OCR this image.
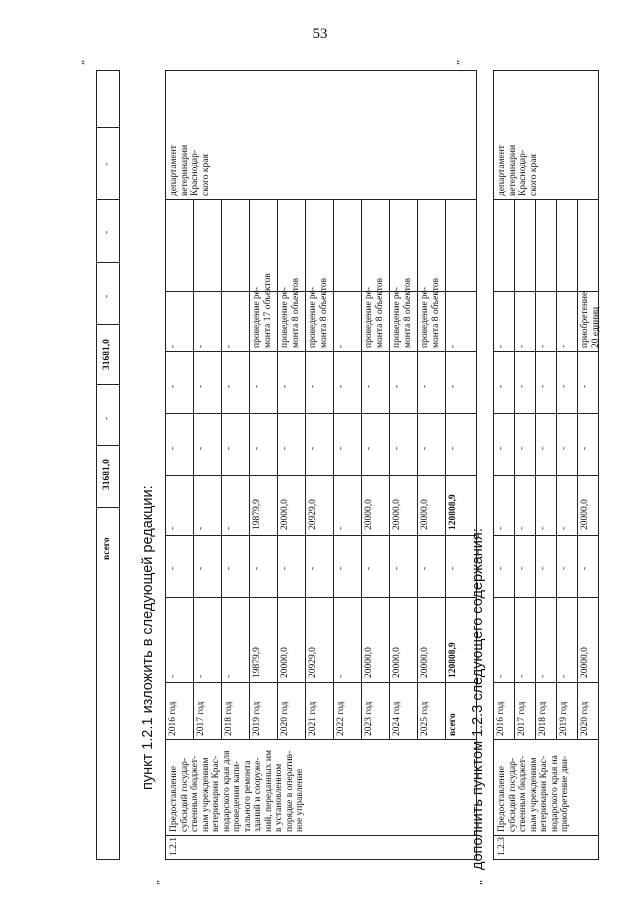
53
всего
31681,0
-
31681,0
-
-
-
”
пункт 1.2.1 изложить в следующей редакции:
”
1.2.1
Предоставление субсидий государ- ственным бюджет- ным учреждениям ветеринарии Крас- нодарского края для проведения капи- тального ремонта зданий и сооруже- ний, переданных им в установленном порядке в оператив- ное управление
департамент ветеринарии Краснодар- ского края
2016 год
-
-
-
-
-
-
2017 год
-
-
-
-
-
-
2018 год
-
-
-
-
-
-
2019 год
19879,9
-
19879,9
-
-
проведение ре- монта 17 объектов
2020 год
20000,0
-
20000,0
-
-
проведение ре- монта 8 объектов
2021 год
20929,0
-
20929,0
-
-
проведение ре- монта 8 объектов
2022 год
-
-
-
-
-
-
2023 год
20000,0
-
20000,0
-
-
проведение ре- монта 8 объектов
2024 год
20000,0
-
20000,0
-
-
проведение ре- монта 8 объектов
2025 год
20000,0
-
20000,0
-
-
проведение ре- монта 8 объектов
всего
120808,9
-
120808,9
-
-
-
”
дополнить пунктом 1.2.3 следующего содержания:
”
1.2.3
Предоставление субсидий государ- ственным бюджет- ным учреждениям ветеринарии Крас- нодарского края на приобретение дви-
департамент ветеринарии Краснодар- ского края
2016 год
-
-
-
-
-
-
2017 год
-
-
-
-
-
-
2018 год
-
-
-
-
-
-
2019 год
-
-
-
-
-
-
2020 год
20000,0
-
20000,0
-
-
приобретение 20 единиц
